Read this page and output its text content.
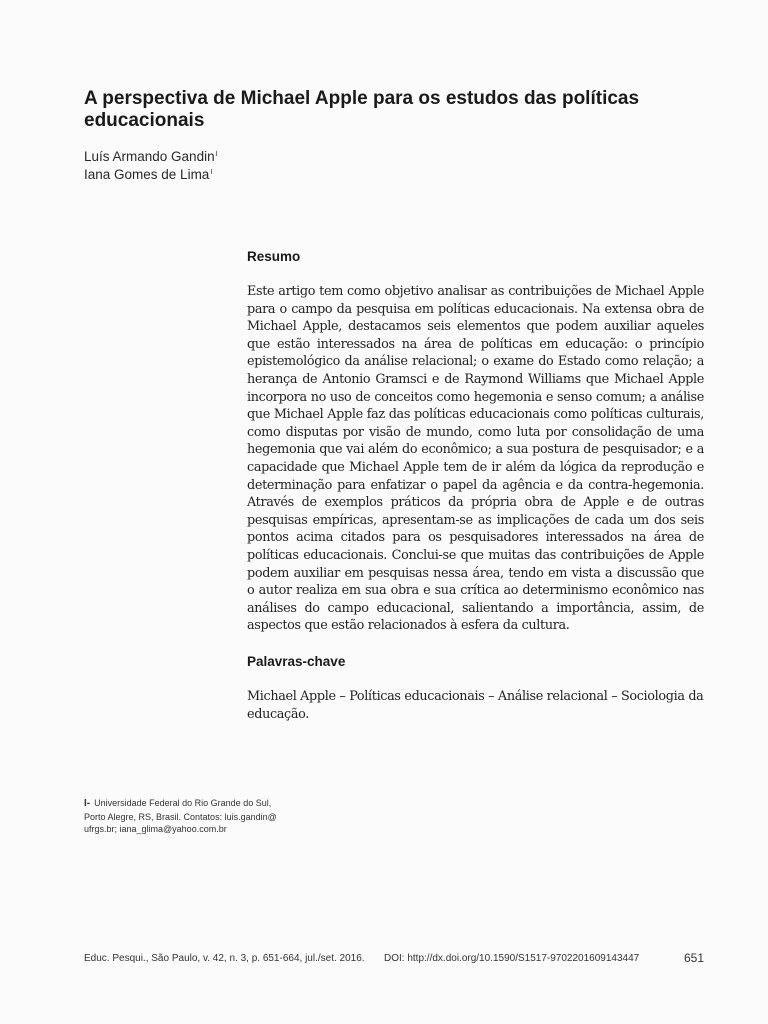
A perspectiva de Michael Apple para os estudos das políticas educacionais
Luís Armando Gandin$^I$
Iana Gomes de Lima$^I$
Resumo

Este artigo tem como objetivo analisar as contribuições de Michael Apple para o campo da pesquisa em políticas educacionais. Na extensa obra de Michael Apple, destacamos seis elementos que podem auxiliar aqueles que estão interessados na área de políticas em educação: o princípio epistemológico da análise relacional; o exame do Estado como relação; a herança de Antonio Gramsci e de Raymond Williams que Michael Apple incorpora no uso de conceitos como hegemonia e senso comum; a análise que Michael Apple faz das políticas educacionais como políticas culturais, como disputas por visão de mundo, como luta por consolidação de uma hegemonia que vai além do econômico; a sua postura de pesquisador; e a capacidade que Michael Apple tem de ir além da lógica da reprodução e determinação para enfatizar o papel da agência e da contra-hegemonia. Através de exemplos práticos da própria obra de Apple e de outras pesquisas empíricas, apresentam-se as implicações de cada um dos seis pontos acima citados para os pesquisadores interessados na área de políticas educacionais. Conclui-se que muitas das contribuições de Apple podem auxiliar em pesquisas nessa área, tendo em vista a discussão que o autor realiza em sua obra e sua crítica ao determinismo econômico nas análises do campo educacional, salientando a importância, assim, de aspectos que estão relacionados à esfera da cultura.

Palavras-chave

Michael Apple – Políticas educacionais – Análise relacional – Sociologia da educação.

I- Universidade Federal do Rio Grande do Sul, Porto Alegre, RS, Brasil. Contatos: luis.gandin@ ufrgs.br; iana_glima@yahoo.com.br
Educ. Pesqui., São Paulo, v. 42, n. 3, p. 651-664, jul./set. 2016. DOI: http://dx.doi.org/10.1590/S1517-9702201609143447	651
